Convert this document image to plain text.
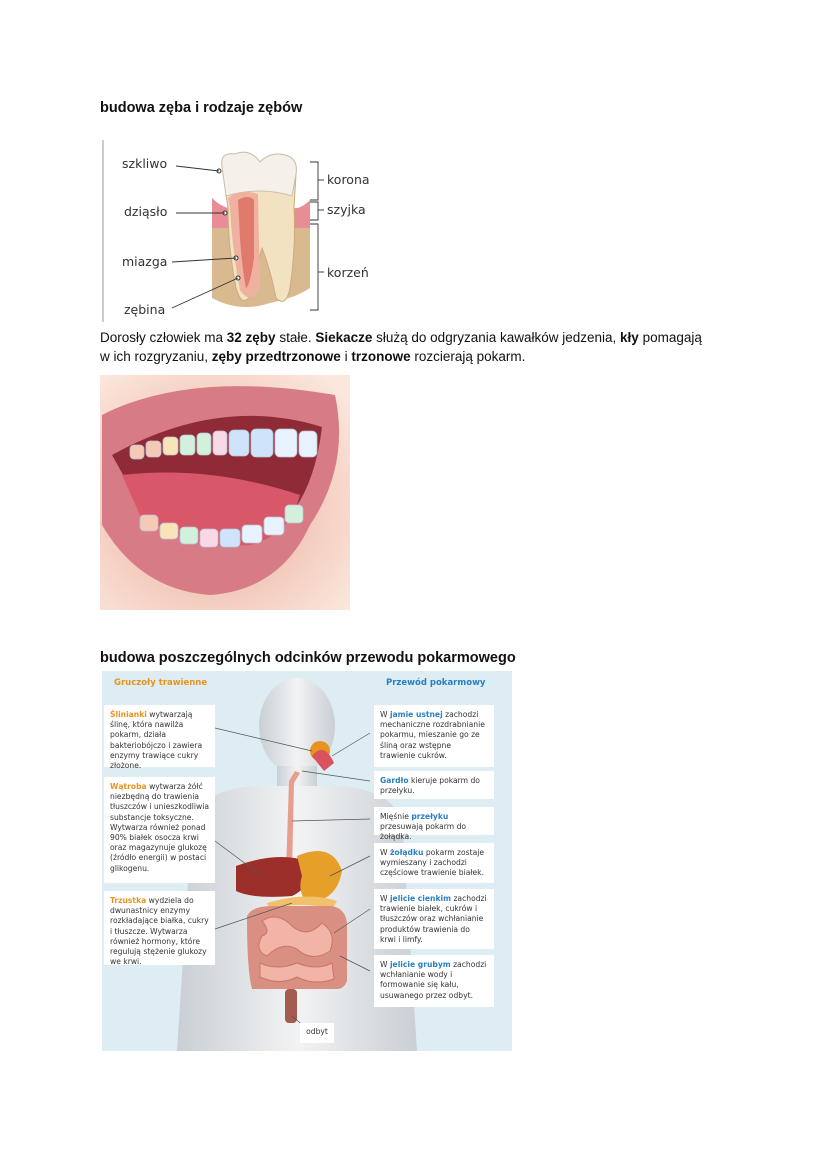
budowa zęba i rodzaje zębów
szkliwo
dziąsło
miazga
zębina
korona
szyjka
korzeń
Dorosły człowiek ma 32 zęby stałe. Siekacze służą do odgryzania kawałków jedzenia, kły pomagają
w ich rozgryzaniu, zęby przedtrzonowe i trzonowe rozcierają pokarm.
budowa poszczególnych odcinków przewodu pokarmowego
Gruczoły trawienne	Przewód pokarmowy
Ślinianki wytwarzają ślinę, która nawilża pokarm, działa bakteriobójczo i zawiera enzymy trawiące cukry złożone.
Wątroba wytwarza żółć niezbędną do trawienia tłuszczów i unieszkodliwia substancje toksyczne. Wytwarza również ponad 90% białek osocza krwi oraz magazynuje glukozę (źródło energii) w postaci glikogenu.
Trzustka wydziela do dwunastnicy enzymy rozkładające białka, cukry i tłuszcze. Wytwarza również hormony, które regulują stężenie glukozy we krwi.
W jamie ustnej zachodzi mechaniczne rozdrabnianie pokarmu, mieszanie go ze śliną oraz wstępne trawienie cukrów.
Gardło kieruje pokarm do przełyku.
Mięśnie przełyku przesuwają pokarm do żołądka.
W żołądku pokarm zostaje wymieszany i zachodzi częściowe trawienie białek.
W jelicie cienkim zachodzi trawienie białek, cukrów i tłuszczów oraz wchłanianie produktów trawienia do krwi i limfy.
W jelicie grubym zachodzi wchłanianie wody i formowanie się kału, usuwanego przez odbyt.
odbyt
